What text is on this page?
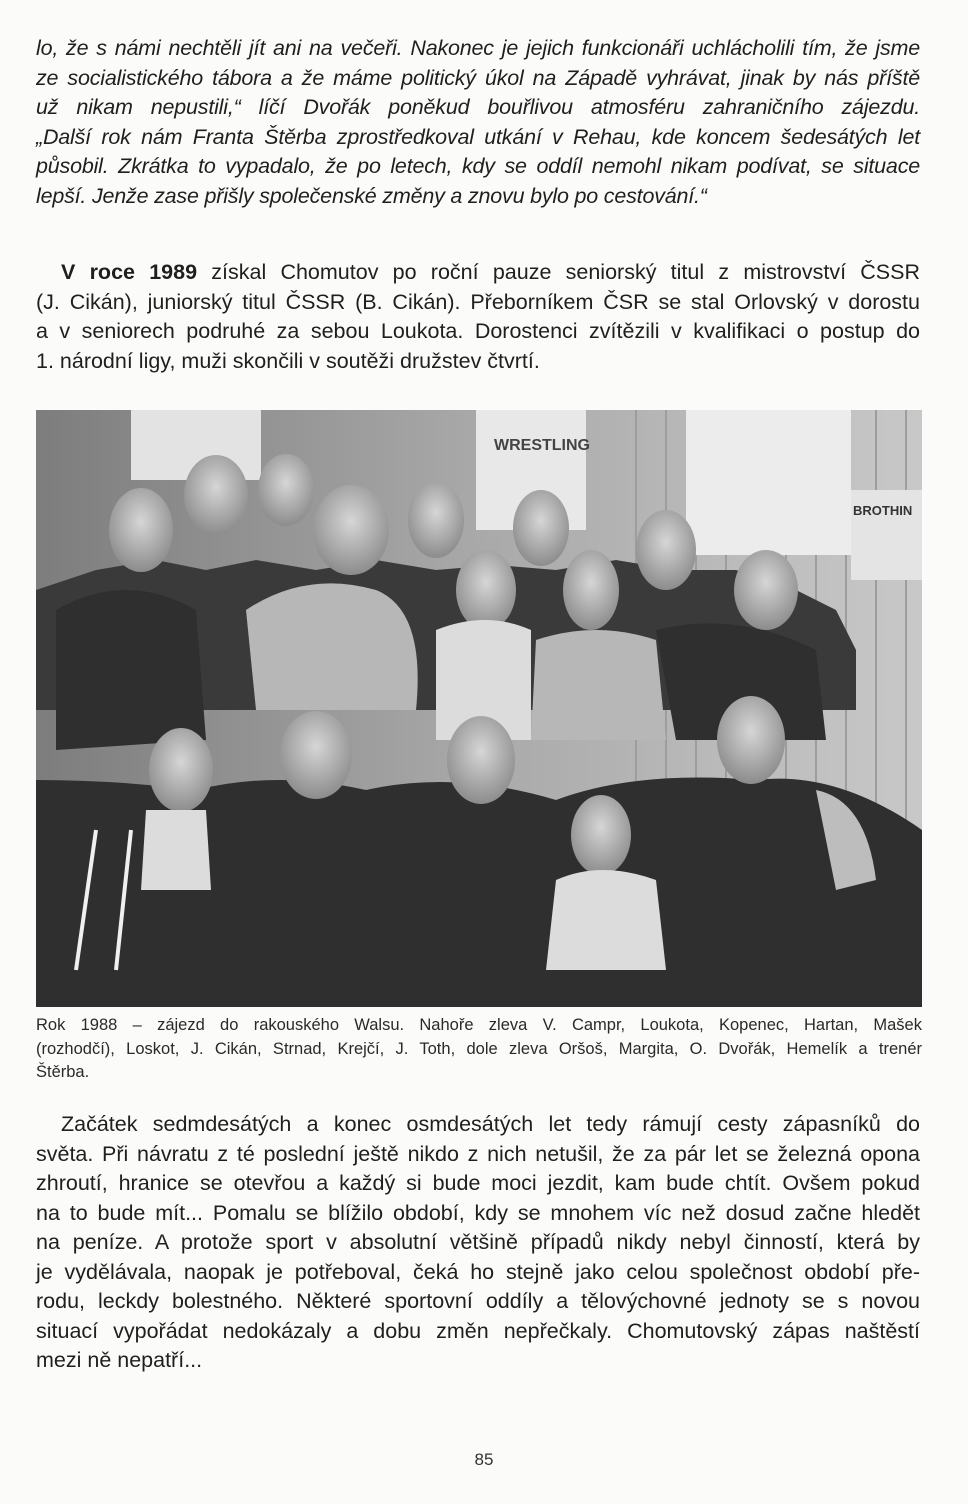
lo, že s námi nechtěli jít ani na večeři. Nakonec je jejich funkcionáři uchlácholili tím, že jsme
ze socialistického tábora a že máme politický úkol na Západě vyhrávat, jinak by nás příště
už nikam nepustili,“ líčí Dvořák poněkud bouřlivou atmosféru zahraničního zájezdu.
„Další rok nám Franta Štěrba zprostředkoval utkání v Rehau, kde koncem šedesátých let
působil. Zkrátka to vypadalo, že po letech, kdy se oddíl nemohl nikam podívat, se situace
lepší. Jenže zase přišly společenské změny a znovu bylo po cestování.“
V roce 1989 získal Chomutov po roční pauze seniorský titul z mistrovství ČSSR
(J. Cikán), juniorský titul ČSSR (B. Cikán). Přeborníkem ČSR se stal Orlovský v dorostu
a v seniorech podruhé za sebou Loukota. Dorostenci zvítězili v kvalifikaci o postup do
1. národní ligy, muži skončili v soutěži družstev čtvrtí.
WRESTLING
BROTHIN
Rok 1988 – zájezd do rakouského Walsu. Nahoře zleva V. Campr, Loukota, Kopenec, Hartan, Mašek
(rozhodčí), Loskot, J. Cikán, Strnad, Krejčí, J. Toth, dole zleva Oršoš, Margita, O. Dvořák, Hemelík a trenér
Štěrba.
Začátek sedmdesátých a konec osmdesátých let tedy rámují cesty zápasníků do
světa. Při návratu z té poslední ještě nikdo z nich netušil, že za pár let se železná opona
zhroutí, hranice se otevřou a každý si bude moci jezdit, kam bude chtít. Ovšem pokud
na to bude mít... Pomalu se blížilo období, kdy se mnohem víc než dosud začne hledět
na peníze. A protože sport v absolutní většině případů nikdy nebyl činností, která by
je vydělávala, naopak je potřeboval, čeká ho stejně jako celou společnost období pře-
rodu, leckdy bolestného. Některé sportovní oddíly a tělovýchovné jednoty se s novou
situací vypořádat nedokázaly a dobu změn nepřečkaly. Chomutovský zápas naštěstí
mezi ně nepatří...
85
